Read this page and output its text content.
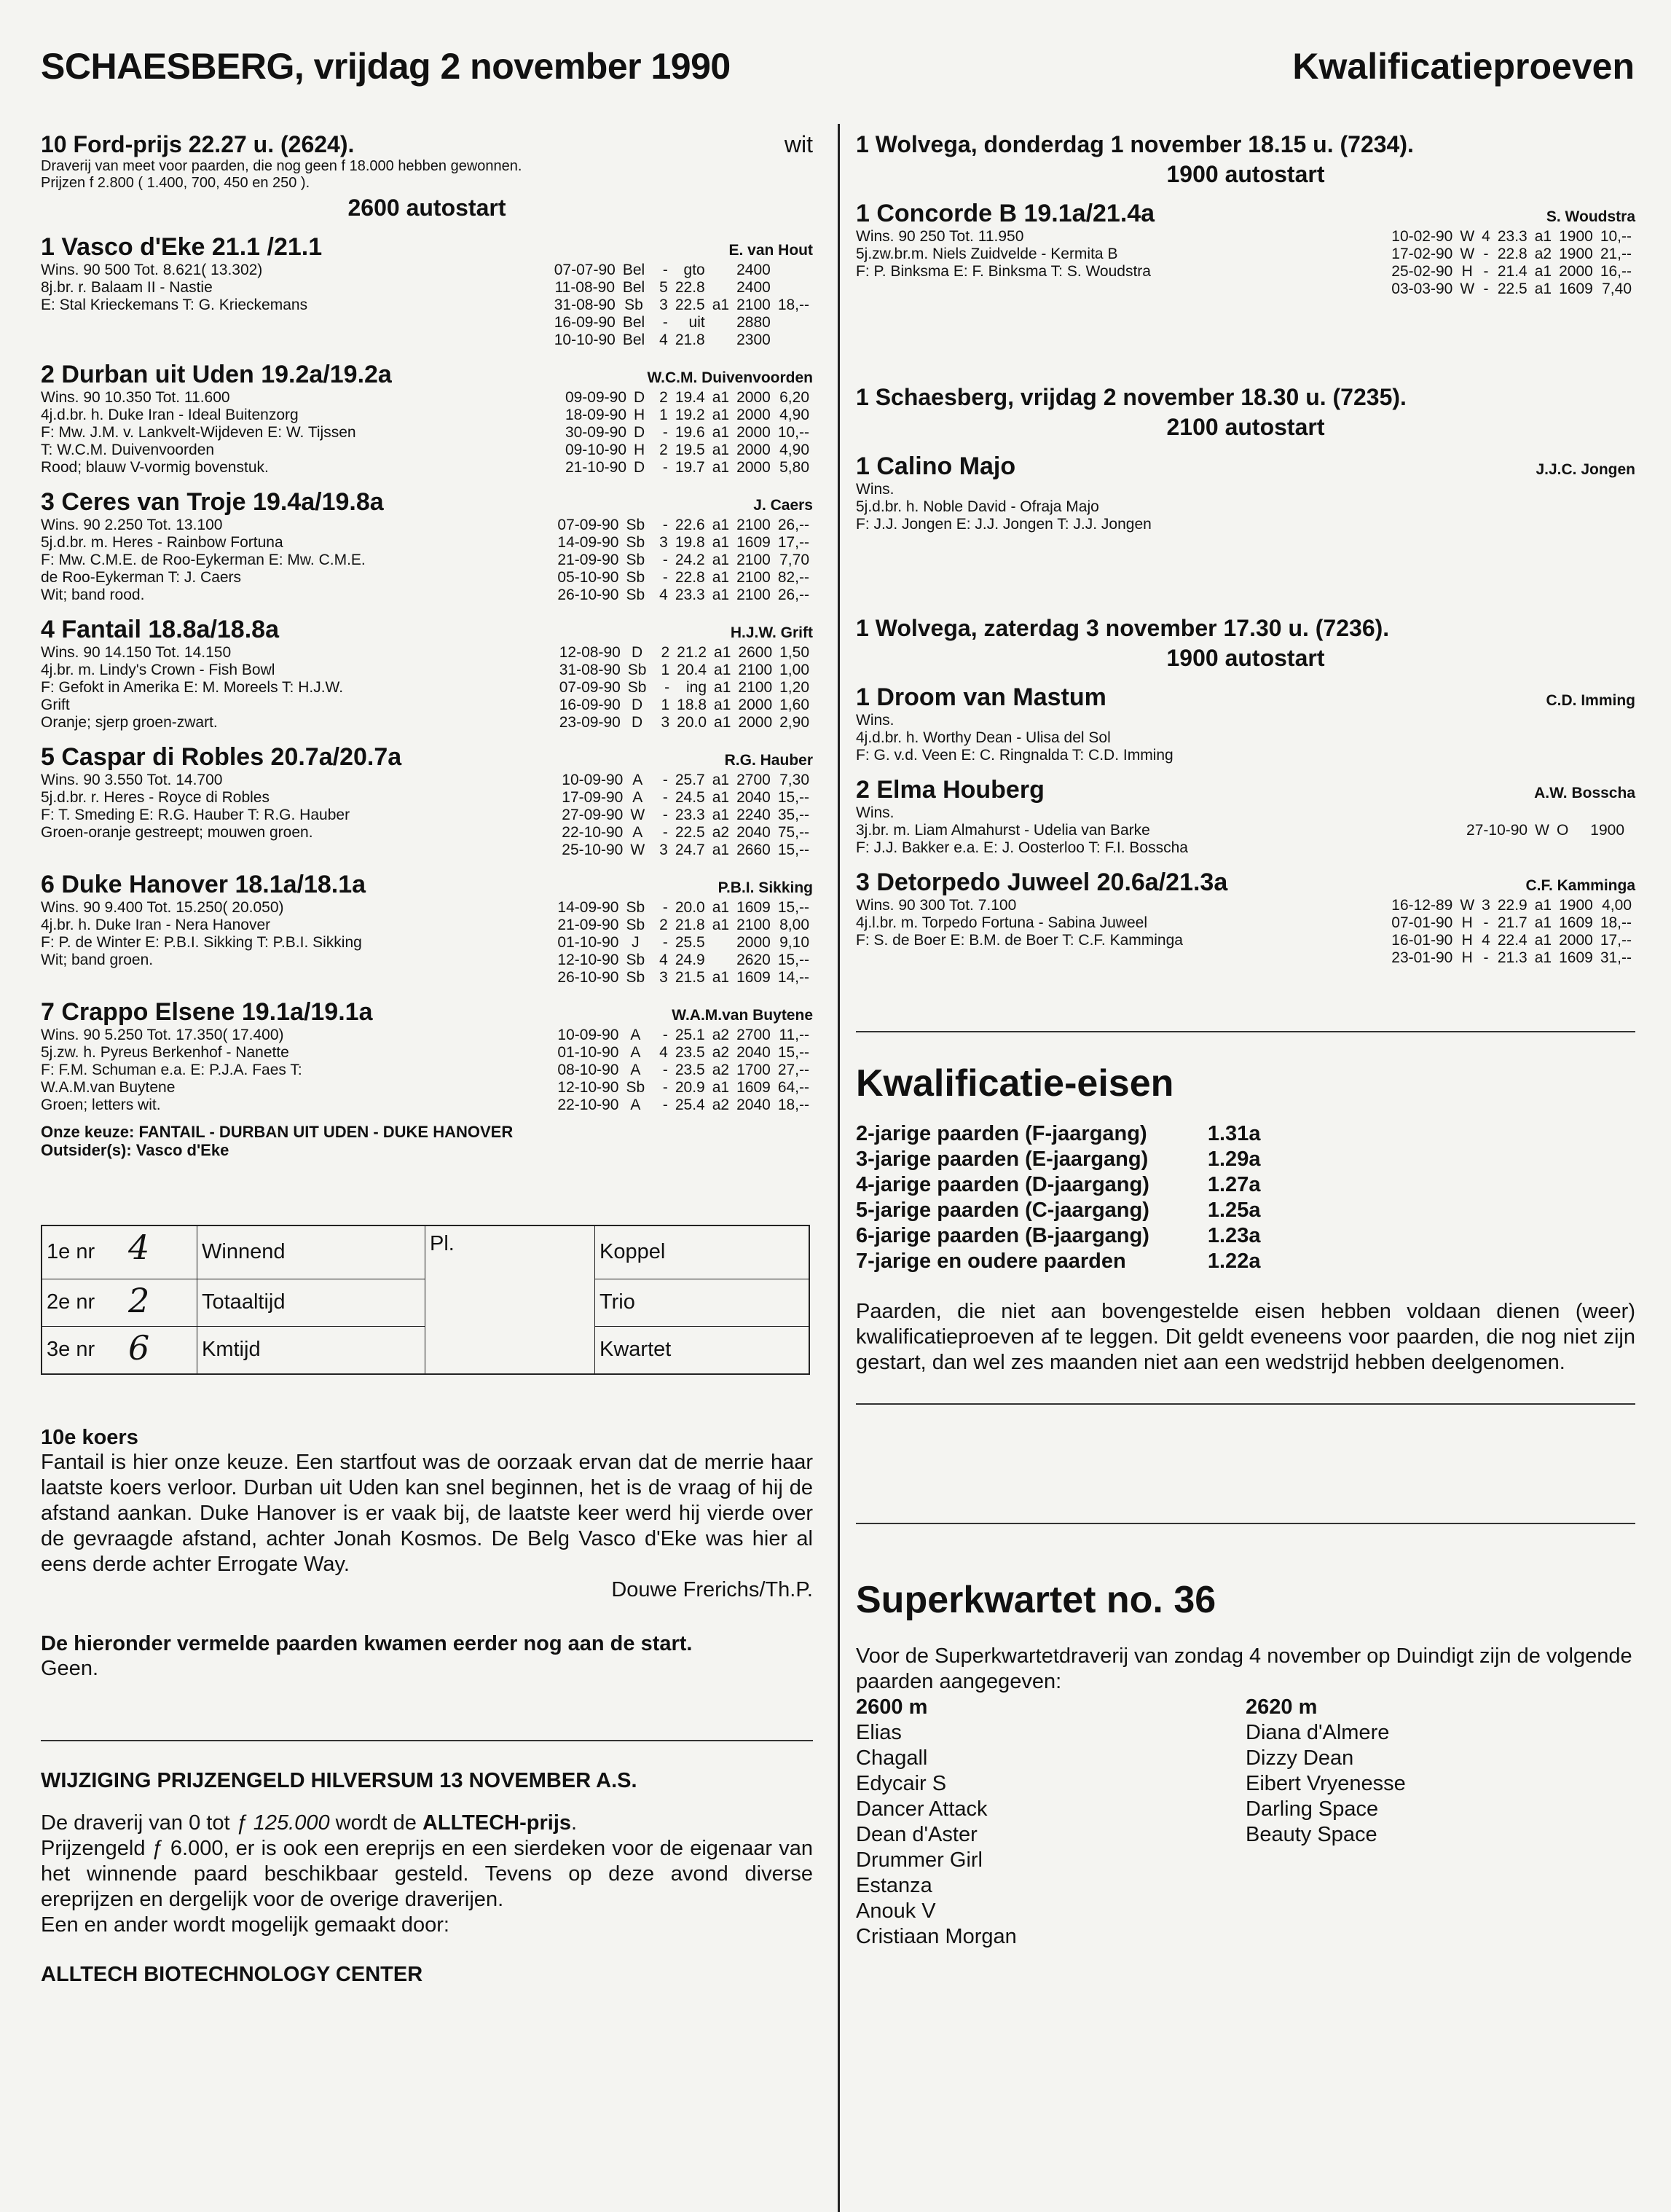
SCHAESBERG, vrijdag 2 november 1990	Kwalificatieproeven
10 Ford-prijs 22.27 u. (2624).	wit
Draverij van meet voor paarden, die nog geen f 18.000 hebben gewonnen.
Prijzen f 2.800 ( 1.400, 700, 450 en 250 ).
2600 autostart
1 Vasco d'Eke 21.1 /21.1	E. van Hout
Wins. 90 500 Tot. 8.621( 13.302)
8j.br. r. Balaam II - Nastie
E: Stal Krieckemans T: G. Krieckemans
07-07-90	Bel		-	gto		2400	
11-08-90	Bel		5	22.8		2400	
31-08-90	Sb		3	22.5	a1	2100	18,--
16-09-90	Bel		-	uit		2880	
10-10-90	Bel		4	21.8		2300	
2 Durban uit Uden 19.2a/19.2a	W.C.M. Duivenvoorden
Wins. 90 10.350 Tot. 11.600
4j.d.br. h. Duke Iran - Ideal Buitenzorg
F: Mw. J.M. v. Lankvelt-Wijdeven E: W. Tijssen
T: W.C.M. Duivenvoorden
Rood; blauw V-vormig bovenstuk.
09-09-90	D		2	19.4	a1	2000	6,20
18-09-90	H		1	19.2	a1	2000	4,90
30-09-90	D		-	19.6	a1	2000	10,--
09-10-90	H		2	19.5	a1	2000	4,90
21-10-90	D		-	19.7	a1	2000	5,80
3 Ceres van Troje 19.4a/19.8a	J. Caers
Wins. 90 2.250 Tot. 13.100
5j.d.br. m. Heres - Rainbow Fortuna
F: Mw. C.M.E. de Roo-Eykerman E: Mw. C.M.E.
de Roo-Eykerman T: J. Caers
Wit; band rood.
07-09-90	Sb		-	22.6	a1	2100	26,--
14-09-90	Sb		3	19.8	a1	1609	17,--
21-09-90	Sb		-	24.2	a1	2100	7,70
05-10-90	Sb		-	22.8	a1	2100	82,--
26-10-90	Sb		4	23.3	a1	2100	26,--
4 Fantail 18.8a/18.8a	H.J.W. Grift
Wins. 90 14.150 Tot. 14.150
4j.br. m. Lindy's Crown - Fish Bowl
F: Gefokt in Amerika E: M. Moreels T: H.J.W.
Grift
Oranje; sjerp groen-zwart.
12-08-90	D		2	21.2	a1	2600	1,50
31-08-90	Sb		1	20.4	a1	2100	1,00
07-09-90	Sb		-	ing	a1	2100	1,20
16-09-90	D		1	18.8	a1	2000	1,60
23-09-90	D		3	20.0	a1	2000	2,90
5 Caspar di Robles 20.7a/20.7a	R.G. Hauber
Wins. 90 3.550 Tot. 14.700
5j.d.br. r. Heres - Royce di Robles
F: T. Smeding E: R.G. Hauber T: R.G. Hauber
Groen-oranje gestreept; mouwen groen.
10-09-90	A		-	25.7	a1	2700	7,30
17-09-90	A		-	24.5	a1	2040	15,--
27-09-90	W		-	23.3	a1	2240	35,--
22-10-90	A		-	22.5	a2	2040	75,--
25-10-90	W		3	24.7	a1	2660	15,--
6 Duke Hanover 18.1a/18.1a	P.B.I. Sikking
Wins. 90 9.400 Tot. 15.250( 20.050)
4j.br. h. Duke Iran - Nera Hanover
F: P. de Winter E: P.B.I. Sikking T: P.B.I. Sikking
Wit; band groen.
14-09-90	Sb		-	20.0	a1	1609	15,--
21-09-90	Sb		2	21.8	a1	2100	8,00
01-10-90	J		-	25.5		2000	9,10
12-10-90	Sb		4	24.9		2620	15,--
26-10-90	Sb		3	21.5	a1	1609	14,--
7 Crappo Elsene 19.1a/19.1a	W.A.M.van Buytene
Wins. 90 5.250 Tot. 17.350( 17.400)
5j.zw. h. Pyreus Berkenhof - Nanette
F: F.M. Schuman e.a. E: P.J.A. Faes T:
W.A.M.van Buytene
Groen; letters wit.
10-09-90	A		-	25.1	a2	2700	11,--
01-10-90	A		4	23.5	a2	2040	15,--
08-10-90	A		-	23.5	a2	1700	27,--
12-10-90	Sb		-	20.9	a1	1609	64,--
22-10-90	A		-	25.4	a2	2040	18,--
Onze keuze: FANTAIL - DURBAN UIT UDEN - DUKE HANOVER
Outsider(s): Vasco d'Eke
1e nr 4	Winnend	Pl.	Koppel
2e nr 2	Totaaltijd		Trio
3e nr 6	Kmtijd		Kwartet
10e koers
Fantail is hier onze keuze. Een startfout was de oorzaak ervan dat de merrie haar laatste koers verloor. Durban uit Uden kan snel beginnen, het is de vraag of hij de afstand aankan. Duke Hanover is er vaak bij, de laatste keer werd hij vierde over de gevraagde afstand, achter Jonah Kosmos. De Belg Vasco d'Eke was hier al eens derde achter Errogate Way.
Douwe Frerichs/Th.P.
De hieronder vermelde paarden kwamen eerder nog aan de start.
Geen.
WIJZIGING PRIJZENGELD HILVERSUM 13 NOVEMBER A.S.
De draverij van 0 tot ƒ 125.000 wordt de ALLTECH-prijs.
Prijzengeld ƒ 6.000, er is ook een ereprijs en een sierdeken voor de eigenaar van het winnende paard beschikbaar gesteld. Tevens op deze avond diverse ereprijzen en dergelijk voor de overige draverijen.
Een en ander wordt mogelijk gemaakt door:
ALLTECH BIOTECHNOLOGY CENTER
1 Wolvega, donderdag 1 november 18.15 u. (7234).
1900 autostart
1 Concorde B 19.1a/21.4a	S. Woudstra
Wins. 90 250 Tot. 11.950
5j.zw.br.m. Niels Zuidvelde - Kermita B
F: P. Binksma E: F. Binksma T: S. Woudstra
10-02-90	W	4	23.3	a1	1900	10,--
17-02-90	W	-	22.8	a2	1900	21,--
25-02-90	H	-	21.4	a1	2000	16,--
03-03-90	W	-	22.5	a1	1609	7,40
1 Schaesberg, vrijdag 2 november 18.30 u. (7235).
2100 autostart
1 Calino Majo	J.J.C. Jongen
Wins.
5j.d.br. h. Noble David - Ofraja Majo
F: J.J. Jongen E: J.J. Jongen T: J.J. Jongen
1 Wolvega, zaterdag 3 november 17.30 u. (7236).
1900 autostart
1 Droom van Mastum	C.D. Imming
Wins.
4j.d.br. h. Worthy Dean - Ulisa del Sol
F: G. v.d. Veen E: C. Ringnalda T: C.D. Imming
2 Elma Houberg	A.W. Bosscha
Wins.
3j.br. m. Liam Almahurst - Udelia van Barke
F: J.J. Bakker e.a. E: J. Oosterloo T: F.I. Bosscha
27-10-90	W	O			1900	
3 Detorpedo Juweel 20.6a/21.3a	C.F. Kamminga
Wins. 90 300 Tot. 7.100
4j.l.br. m. Torpedo Fortuna - Sabina Juweel
F: S. de Boer E: B.M. de Boer T: C.F. Kamminga
16-12-89	W	3	22.9	a1	1900	4,00
07-01-90	H	-	21.7	a1	1609	18,--
16-01-90	H	4	22.4	a1	2000	17,--
23-01-90	H	-	21.3	a1	1609	31,--
Kwalificatie-eisen
2-jarige paarden (F-jaargang)	1.31a
3-jarige paarden (E-jaargang)	1.29a
4-jarige paarden (D-jaargang)	1.27a
5-jarige paarden (C-jaargang)	1.25a
6-jarige paarden (B-jaargang)	1.23a
7-jarige en oudere paarden	1.22a
Paarden, die niet aan bovengestelde eisen hebben voldaan dienen (weer) kwalificatieproeven af te leggen. Dit geldt eveneens voor paarden, die nog niet zijn gestart, dan wel zes maanden niet aan een wedstrijd hebben deelgenomen.
Superkwartet no. 36
Voor de Superkwartetdraverij van zondag 4 november op Duindigt zijn de volgende paarden aangegeven:
2600 m
Elias
Chagall
Edycair S
Dancer Attack
Dean d'Aster
Drummer Girl
Estanza
Anouk V
Cristiaan Morgan
2620 m
Diana d'Almere
Dizzy Dean
Eibert Vryenesse
Darling Space
Beauty Space
